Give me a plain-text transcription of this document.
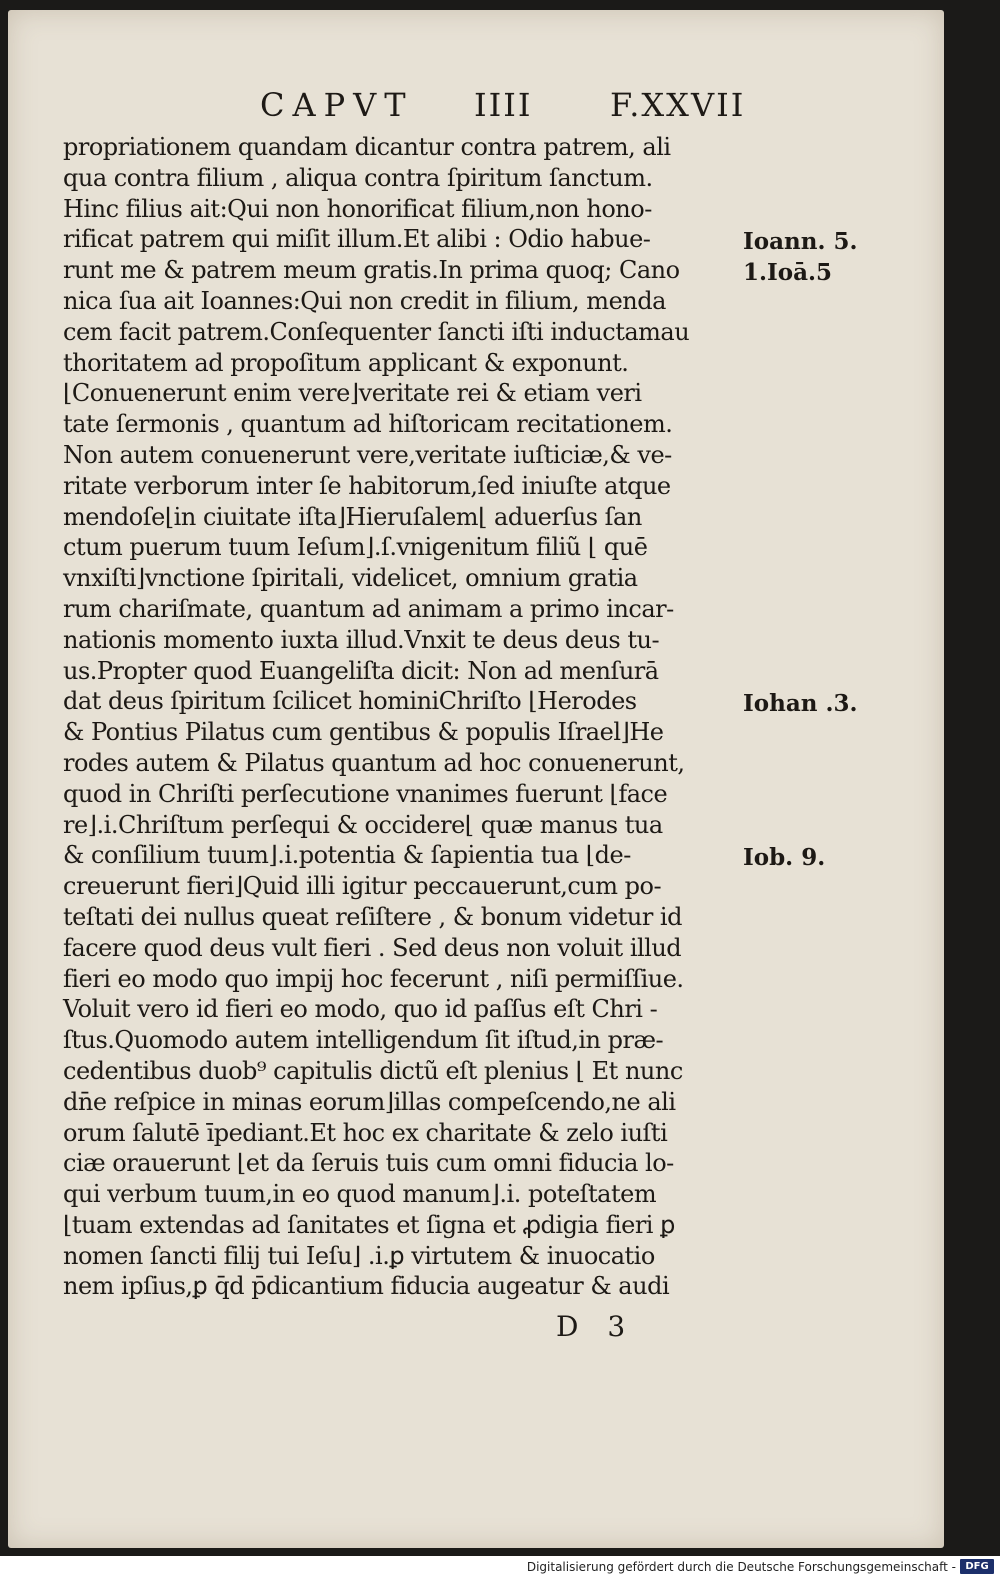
CAPVT IIII F.XXVII
propriationem quandam dicantur contra patrem, ali
qua contra filium , aliqua contra ſpiritum ſanctum.
Hinc filius ait:Qui non honorificat filium,non hono-
rificat patrem qui miſit illum.Et alibi : Odio habue-
runt me & patrem meum gratis.In prima quoq; Cano
nica ſua ait Ioannes:Qui non credit in filium, menda
cem facit patrem.Conſequenter ſancti iſti inductamau
thoritatem ad propoſitum applicant & exponunt.
⌊Conuenerunt enim vere⌋veritate rei & etiam veri
tate ſermonis , quantum ad hiſtoricam recitationem.
Non autem conuenerunt vere,veritate iuſticiæ,& ve-
ritate verborum inter ſe habitorum,ſed iniuſte atque
mendoſe⌊in ciuitate iſta⌋Hieruſalem⌊ aduerſus ſan
ctum puerum tuum Ieſum⌋.ſ.vnigenitum filiũ ⌊ quē
vnxiſti⌋vnctione ſpiritali, videlicet, omnium gratia
rum chariſmate, quantum ad animam a primo incar-
nationis momento iuxta illud.Vnxit te deus deus tu-
us.Propter quod Euangeliſta dicit: Non ad menſurā
dat deus ſpiritum ſcilicet hominiChriſto ⌊Herodes
& Pontius Pilatus cum gentibus & populis Iſrael⌋He
rodes autem & Pilatus quantum ad hoc conuenerunt,
quod in Chriſti perſecutione vnanimes fuerunt ⌊face
re⌋.i.Chriſtum perſequi & occidere⌊ quæ manus tua
& conſilium tuum⌋.i.potentia & ſapientia tua ⌊de-
creuerunt fieri⌋Quid illi igitur peccauerunt,cum po-
teſtati dei nullus queat reſiſtere , & bonum videtur id
facere quod deus vult fieri . Sed deus non voluit illud
fieri eo modo quo impij hoc fecerunt , niſi permiſſiue.
Voluit vero id fieri eo modo, quo id paſſus eſt Chri -
ſtus.Quomodo autem intelligendum ſit iſtud,in præ-
cedentibus duob⁹ capitulis dictũ eſt plenius ⌊ Et nunc
dn̄e reſpice in minas eorum⌋illas compeſcendo,ne ali
orum ſalutē īpediant.Et hoc ex charitate & zelo iuſti
ciæ orauerunt ⌊et da ſeruis tuis cum omni fiducia lo-
qui verbum tuum,in eo quod manum⌋.i. poteſtatem
⌊tuam extendas ad ſanitates et ſigna et ꝓdigia fieri ꝑ
nomen ſancti filij tui Ieſu⌋ .i.ꝑ virtutem & inuocatio
nem ipſius,ꝑ q̄d p̄dicantium fiducia augeatur & audi
Ioann. 5.
1.Ioā.5
Iohan .3.
Iob. 9.
D 3
Digitalisierung gefördert durch die Deutsche Forschungsgemeinschaft - DFG
